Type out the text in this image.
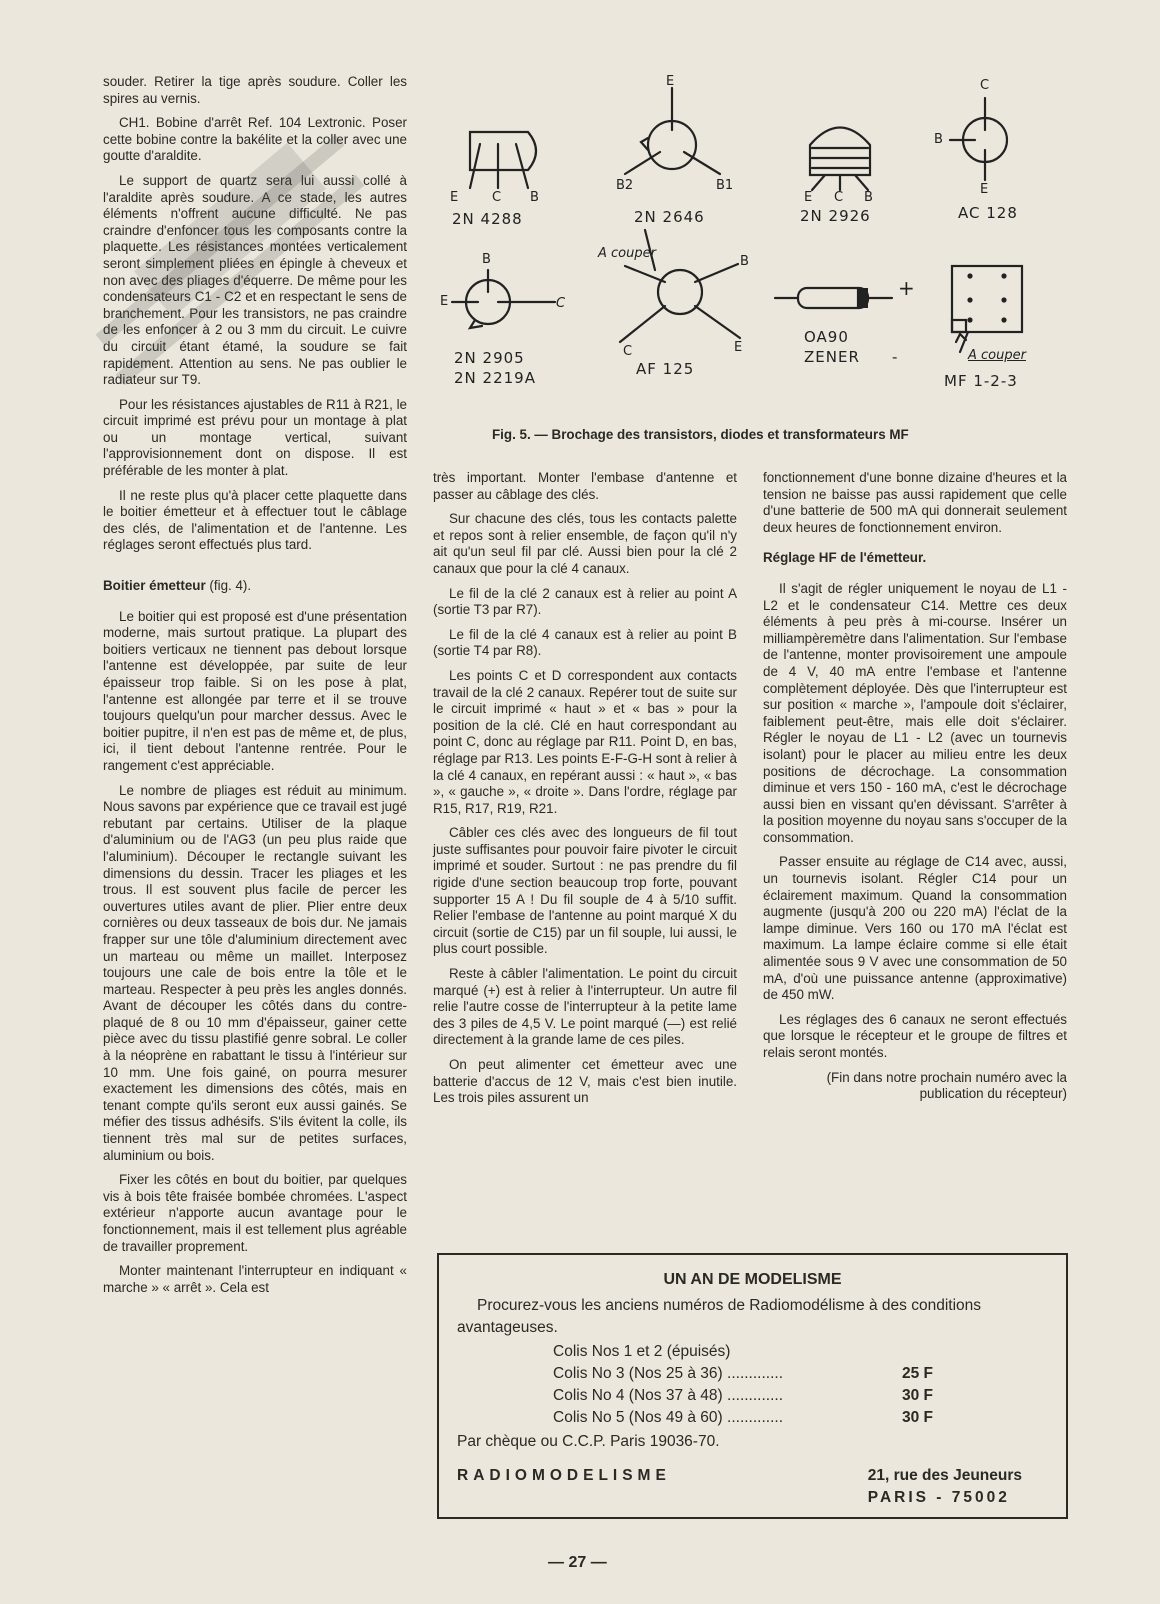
souder. Retirer la tige après soudure. Coller les spires au vernis.

CH1. Bobine d'arrêt Ref. 104 Lextronic. Poser cette bobine contre la bakélite et la coller avec une goutte d'araldite.

Le support de quartz sera lui aussi collé à l'araldite après soudure. A ce stade, les autres éléments n'offrent aucune difficulté. Ne pas craindre d'enfoncer tous les composants contre la plaquette. Les résistances montées verticalement seront simplement pliées en épingle à cheveux et non avec des pliages d'équerre. De même pour les condensateurs C1 - C2 et en respectant le sens de branchement. Pour les transistors, ne pas craindre de les enfoncer à 2 ou 3 mm du circuit. Le cuivre du circuit étant étamé, la soudure se fait rapidement. Attention au sens. Ne pas oublier le radiateur sur T9.

Pour les résistances ajustables de R11 à R21, le circuit imprimé est prévu pour un montage à plat ou un montage vertical, suivant l'approvisionnement dont on dispose. Il est préférable de les monter à plat.

Il ne reste plus qu'à placer cette plaquette dans le boitier émetteur et à effectuer tout le câblage des clés, de l'alimentation et de l'antenne. Les réglages seront effectués plus tard.

Boitier émetteur (fig. 4).

Le boitier qui est proposé est d'une présentation moderne, mais surtout pratique. La plupart des boitiers verticaux ne tiennent pas debout lorsque l'antenne est développée, par suite de leur épaisseur trop faible. Si on les pose à plat, l'antenne est allongée par terre et il se trouve toujours quelqu'un pour marcher dessus. Avec le boitier pupitre, il n'en est pas de même et, de plus, ici, il tient debout l'antenne rentrée. Pour le rangement c'est appréciable.

Le nombre de pliages est réduit au minimum. Nous savons par expérience que ce travail est jugé rebutant par certains. Utiliser de la plaque d'aluminium ou de l'AG3 (un peu plus raide que l'aluminium). Découper le rectangle suivant les dimensions du dessin. Tracer les pliages et les trous. Il est souvent plus facile de percer les ouvertures utiles avant de plier. Plier entre deux cornières ou deux tasseaux de bois dur. Ne jamais frapper sur une tôle d'aluminium directement avec un marteau ou même un maillet. Interposez toujours une cale de bois entre la tôle et le marteau. Respecter à peu près les angles donnés. Avant de découper les côtés dans du contre-plaqué de 8 ou 10 mm d'épaisseur, gainer cette pièce avec du tissu plastifié genre sobral. Le coller à la néoprène en rabattant le tissu à l'intérieur sur 10 mm. Une fois gainé, on pourra mesurer exactement les dimensions des côtés, mais en tenant compte qu'ils seront eux aussi gainés. Se méfier des tissus adhésifs. S'ils évitent la colle, ils tiennent très mal sur de petites surfaces, aluminium ou bois.

Fixer les côtés en bout du boitier, par quelques vis à bois tête fraisée bombée chromées. L'aspect extérieur n'apporte aucun avantage pour le fonctionnement, mais il est tellement plus agréable de travailler proprement.

Monter maintenant l'interrupteur en indiquant « marche » « arrêt ». Cela est

E	C B
2N 4288
E
B2	B1
2N 2646
E C B
2N 2926
C
B
E
AC 128
B
E	C
2N 2905
2N 2219A
A couper
B
C	E
AF 125
+
OA90
ZENER -	A couper
MF 1-2-3
Fig. 5. — Brochage des transistors, diodes et transformateurs MF

très important. Monter l'embase d'antenne et passer au câblage des clés.

Sur chacune des clés, tous les contacts palette et repos sont à relier ensemble, de façon qu'il n'y ait qu'un seul fil par clé. Aussi bien pour la clé 2 canaux que pour la clé 4 canaux.

Le fil de la clé 2 canaux est à relier au point A (sortie T3 par R7).

Le fil de la clé 4 canaux est à relier au point B (sortie T4 par R8).

Les points C et D correspondent aux contacts travail de la clé 2 canaux. Repérer tout de suite sur le circuit imprimé « haut » et « bas » pour la position de la clé. Clé en haut correspondant au point C, donc au réglage par R11. Point D, en bas, réglage par R13. Les points E-F-G-H sont à relier à la clé 4 canaux, en repérant aussi : « haut », « bas », « gauche », « droite ». Dans l'ordre, réglage par R15, R17, R19, R21.

Câbler ces clés avec des longueurs de fil tout juste suffisantes pour pouvoir faire pivoter le circuit imprimé et souder. Surtout : ne pas prendre du fil rigide d'une section beaucoup trop forte, pouvant supporter 15 A ! Du fil souple de 4 à 5/10 suffit. Relier l'embase de l'antenne au point marqué X du circuit (sortie de C15) par un fil souple, lui aussi, le plus court possible.

Reste à câbler l'alimentation. Le point du circuit marqué (+) est à relier à l'interrupteur. Un autre fil relie l'autre cosse de l'interrupteur à la petite lame des 3 piles de 4,5 V. Le point marqué (—) est relié directement à la grande lame de ces piles.

On peut alimenter cet émetteur avec une batterie d'accus de 12 V, mais c'est bien inutile. Les trois piles assurent un

fonctionnement d'une bonne dizaine d'heures et la tension ne baisse pas aussi rapidement que celle d'une batterie de 500 mA qui donnerait seulement deux heures de fonctionnement environ.

Réglage HF de l'émetteur.

Il s'agit de régler uniquement le noyau de L1 - L2 et le condensateur C14. Mettre ces deux éléments à peu près à mi-course. Insérer un milliampèremètre dans l'alimentation. Sur l'embase de l'antenne, monter provisoirement une ampoule de 4 V, 40 mA entre l'embase et l'antenne complètement déployée. Dès que l'interrupteur est sur position « marche », l'ampoule doit s'éclairer, faiblement peut-être, mais elle doit s'éclairer. Régler le noyau de L1 - L2 (avec un tournevis isolant) pour le placer au milieu entre les deux positions de décrochage. La consommation diminue et vers 150 - 160 mA, c'est le décrochage aussi bien en vissant qu'en dévissant. S'arrêter à la position moyenne du noyau sans s'occuper de la consommation.

Passer ensuite au réglage de C14 avec, aussi, un tournevis isolant. Régler C14 pour un éclairement maximum. Quand la consommation augmente (jusqu'à 200 ou 220 mA) l'éclat de la lampe diminue. Vers 160 ou 170 mA l'éclat est maximum. La lampe éclaire comme si elle était alimentée sous 9 V avec une consommation de 50 mA, d'où une puissance antenne (approximative) de 450 mW.

Les réglages des 6 canaux ne seront effectués que lorsque le récepteur et le groupe de filtres et relais seront montés.

(Fin dans notre prochain numéro avec la publication du récepteur)

UN AN DE MODELISME
Procurez-vous les anciens numéros de Radiomodélisme à des conditions avantageuses.
Colis Nos 1 et 2 (épuisés)
Colis No 3 (Nos 25 à 36) .............	25 F
Colis No 4 (Nos 37 à 48) .............	30 F
Colis No 5 (Nos 49 à 60) .............	30 F
Par chèque ou C.C.P. Paris 19036-70.
RADIOMODELISME	21, rue des Jeuneurs
PARIS - 75002
— 27 —
